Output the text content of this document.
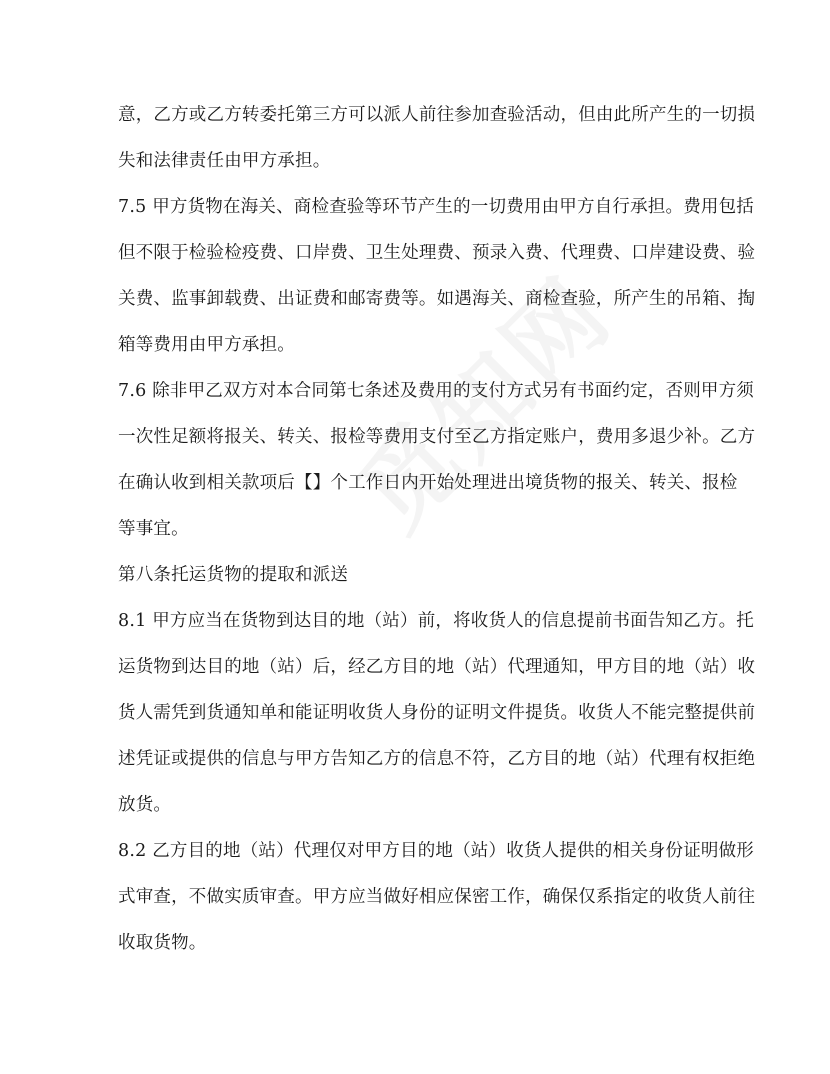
意，乙方或乙方转委托第三方可以派人前往参加查验活动，但由此所产生的一切损
失和法律责任由甲方承担。
7.5 甲方货物在海关、商检查验等环节产生的一切费用由甲方自行承担。费用包括
但不限于检验检疫费、口岸费、卫生处理费、预录入费、代理费、口岸建设费、验
关费、监事卸载费、出证费和邮寄费等。如遇海关、商检查验，所产生的吊箱、掏
箱等费用由甲方承担。
7.6 除非甲乙双方对本合同第七条述及费用的支付方式另有书面约定，否则甲方须
一次性足额将报关、转关、报检等费用支付至乙方指定账户，费用多退少补。乙方
在确认收到相关款项后【】个工作日内开始处理进出境货物的报关、转关、报检
等事宜。
第八条托运货物的提取和派送
8.1 甲方应当在货物到达目的地（站）前，将收货人的信息提前书面告知乙方。托
运货物到达目的地（站）后，经乙方目的地（站）代理通知，甲方目的地（站）收
货人需凭到货通知单和能证明收货人身份的证明文件提货。收货人不能完整提供前
述凭证或提供的信息与甲方告知乙方的信息不符，乙方目的地（站）代理有权拒绝
放货。
8.2 乙方目的地（站）代理仅对甲方目的地（站）收货人提供的相关身份证明做形
式审查，不做实质审查。甲方应当做好相应保密工作，确保仅系指定的收货人前往
收取货物。
